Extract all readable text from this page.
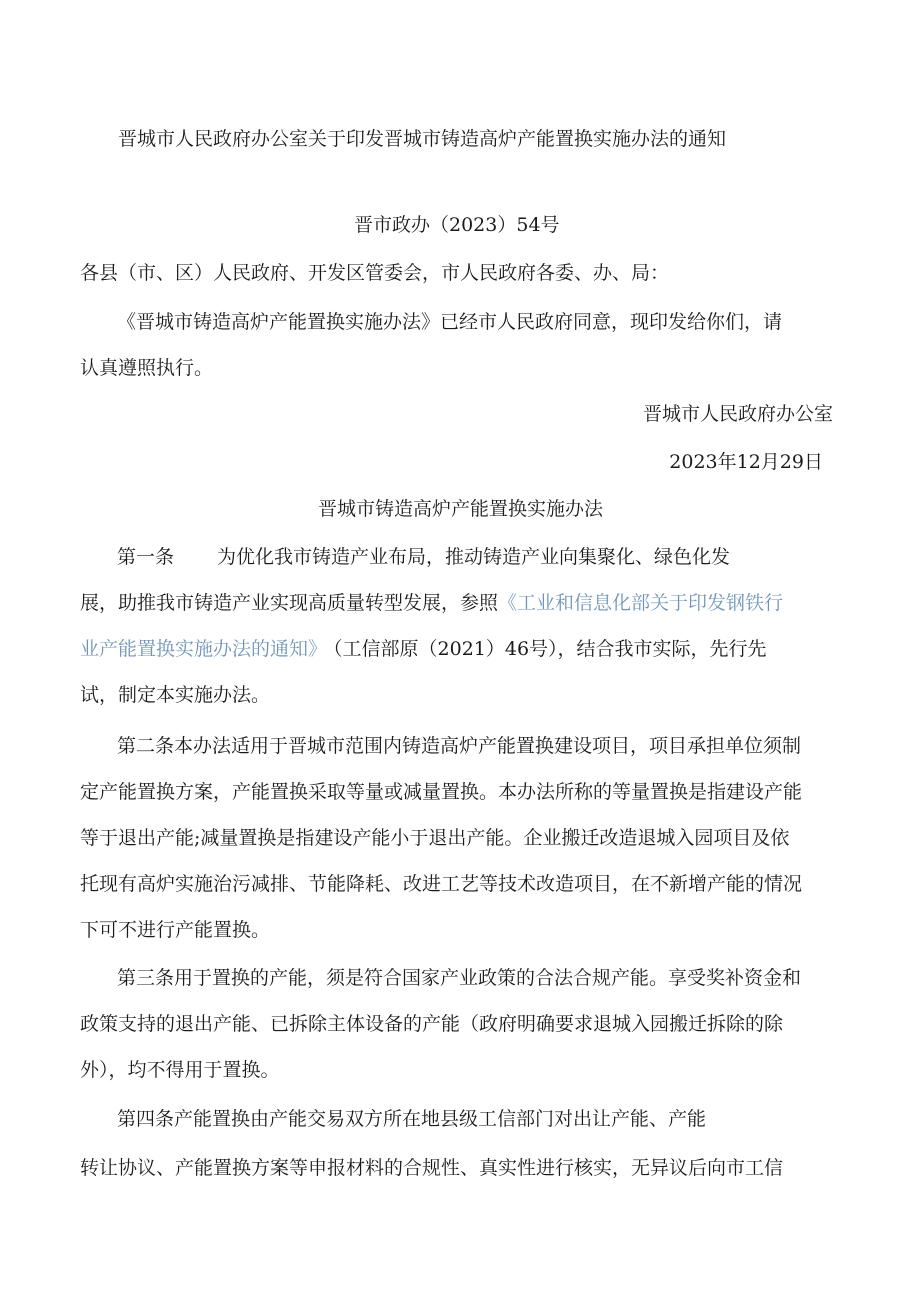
晋城市人民政府办公室关于印发晋城市铸造高炉产能置换实施办法的通知
晋市政办（2023）54号
各县（市、区）人民政府、开发区管委会，市人民政府各委、办、局：
《晋城市铸造高炉产能置换实施办法》已经市人民政府同意，现印发给你们，请
认真遵照执行。
晋城市人民政府办公室
2023年12月29日
晋城市铸造高炉产能置换实施办法
第一条 为优化我市铸造产业布局，推动铸造产业向集聚化、绿色化发
展，助推我市铸造产业实现高质量转型发展，参照《工业和信息化部关于印发钢铁行
业产能置换实施办法的通知》 （工信部原（2021）46号），结合我市实际，先行先
试，制定本实施办法。
第二条本办法适用于晋城市范围内铸造高炉产能置换建设项目，项目承担单位须制
定产能置换方案，产能置换采取等量或减量置换。本办法所称的等量置换是指建设产能
等于退出产能;减量置换是指建设产能小于退出产能。企业搬迁改造退城入园项目及依
托现有高炉实施治污减排、节能降耗、改进工艺等技术改造项目，在不新增产能的情况
下可不进行产能置换。
第三条用于置换的产能，须是符合国家产业政策的合法合规产能。享受奖补资金和
政策支持的退出产能、已拆除主体设备的产能（政府明确要求退城入园搬迁拆除的除
外），均不得用于置换。
第四条产能置换由产能交易双方所在地县级工信部门对出让产能、产能
转让协议、产能置换方案等申报材料的合规性、真实性进行核实，无异议后向市工信
